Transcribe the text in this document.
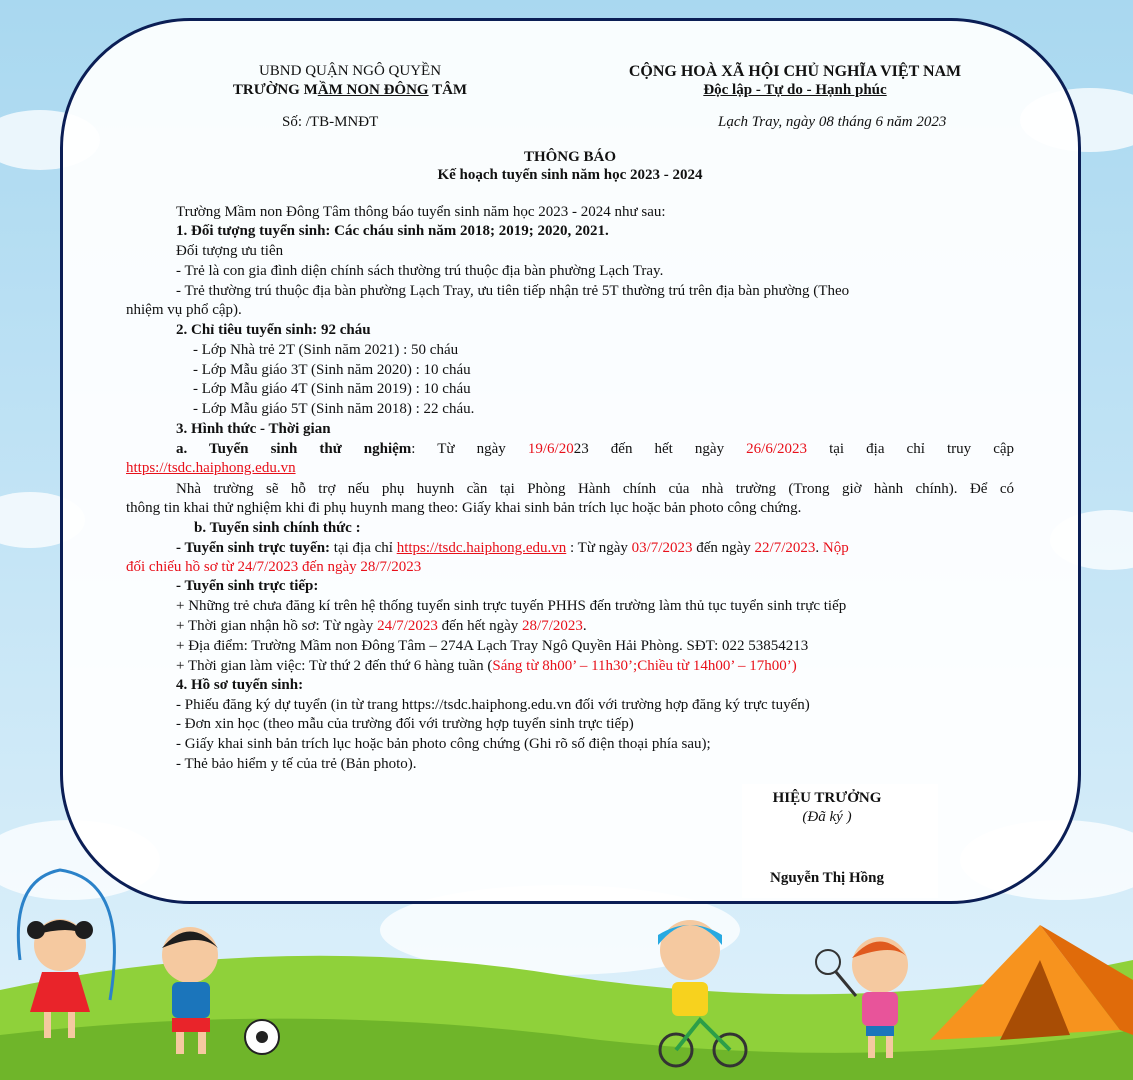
UBND QUẬN NGÔ QUYỀN
TRƯỜNG MẦM NON ĐÔNG TÂM
Số: /TB-MNĐT
CỘNG HOÀ XÃ HỘI CHỦ NGHĨA VIỆT NAM
Độc lập - Tự do - Hạnh phúc
Lạch Tray, ngày 08 tháng 6 năm 2023
THÔNG BÁO
Kế hoạch tuyển sinh năm học 2023 - 2024
Trường Mầm non Đông Tâm thông báo tuyển sinh năm học 2023 - 2024 như sau:
1. Đối tượng tuyển sinh: Các cháu sinh năm 2018; 2019; 2020, 2021.
Đối tượng ưu tiên
- Trẻ là con gia đình diện chính sách thường trú thuộc địa bàn phường Lạch Tray.
- Trẻ thường trú thuộc địa bàn phường Lạch Tray, ưu tiên tiếp nhận trẻ 5T thường trú trên địa bàn phường (Theo
nhiệm vụ phổ cập).
2. Chỉ tiêu tuyển sinh: 92 cháu
- Lớp Nhà trẻ 2T (Sinh năm 2021) : 50 cháu
- Lớp Mẫu giáo 3T (Sinh năm 2020) : 10 cháu
- Lớp Mẫu giáo 4T (Sinh năm 2019) : 10 cháu
- Lớp Mẫu giáo 5T (Sinh năm 2018) : 22 cháu.
3. Hình thức - Thời gian
a. Tuyển sinh thử nghiệm: Từ ngày 19/6/2023 đến hết ngày 26/6/2023 tại địa chỉ truy cập
https://tsdc.haiphong.edu.vn
Nhà trường sẽ hỗ trợ nếu phụ huynh cần tại Phòng Hành chính của nhà trường (Trong giờ hành chính). Để có
thông tin khai thử nghiệm khi đi phụ huynh mang theo: Giấy khai sinh bản trích lục hoặc bản photo công chứng.
b. Tuyển sinh chính thức :
- Tuyển sinh trực tuyến: tại địa chỉ https://tsdc.haiphong.edu.vn : Từ ngày 03/7/2023 đến ngày 22/7/2023. Nộp
đối chiếu hồ sơ từ 24/7/2023 đến ngày 28/7/2023
- Tuyển sinh trực tiếp:
+ Những trẻ chưa đăng kí trên hệ thống tuyển sinh trực tuyến PHHS đến trường làm thủ tục tuyển sinh trực tiếp
+ Thời gian nhận hồ sơ: Từ ngày 24/7/2023 đến hết ngày 28/7/2023.
+ Địa điểm: Trường Mầm non Đông Tâm – 274A Lạch Tray Ngô Quyền Hải Phòng. SĐT: 022 53854213
+ Thời gian làm việc: Từ thứ 2 đến thứ 6 hàng tuần (Sáng từ 8h00’ – 11h30’;Chiều từ 14h00’ – 17h00’)
4. Hồ sơ tuyển sinh:
- Phiếu đăng ký dự tuyển (in từ trang https://tsdc.haiphong.edu.vn đối với trường hợp đăng ký trực tuyến)
- Đơn xin học (theo mẫu của trường đối với trường hợp tuyển sinh trực tiếp)
- Giấy khai sinh bản trích lục hoặc bản photo công chứng (Ghi rõ số điện thoại phía sau);
- Thẻ bảo hiểm y tế của trẻ (Bản photo).
HIỆU TRƯỞNG
(Đã ký )
Nguyễn Thị Hồng
